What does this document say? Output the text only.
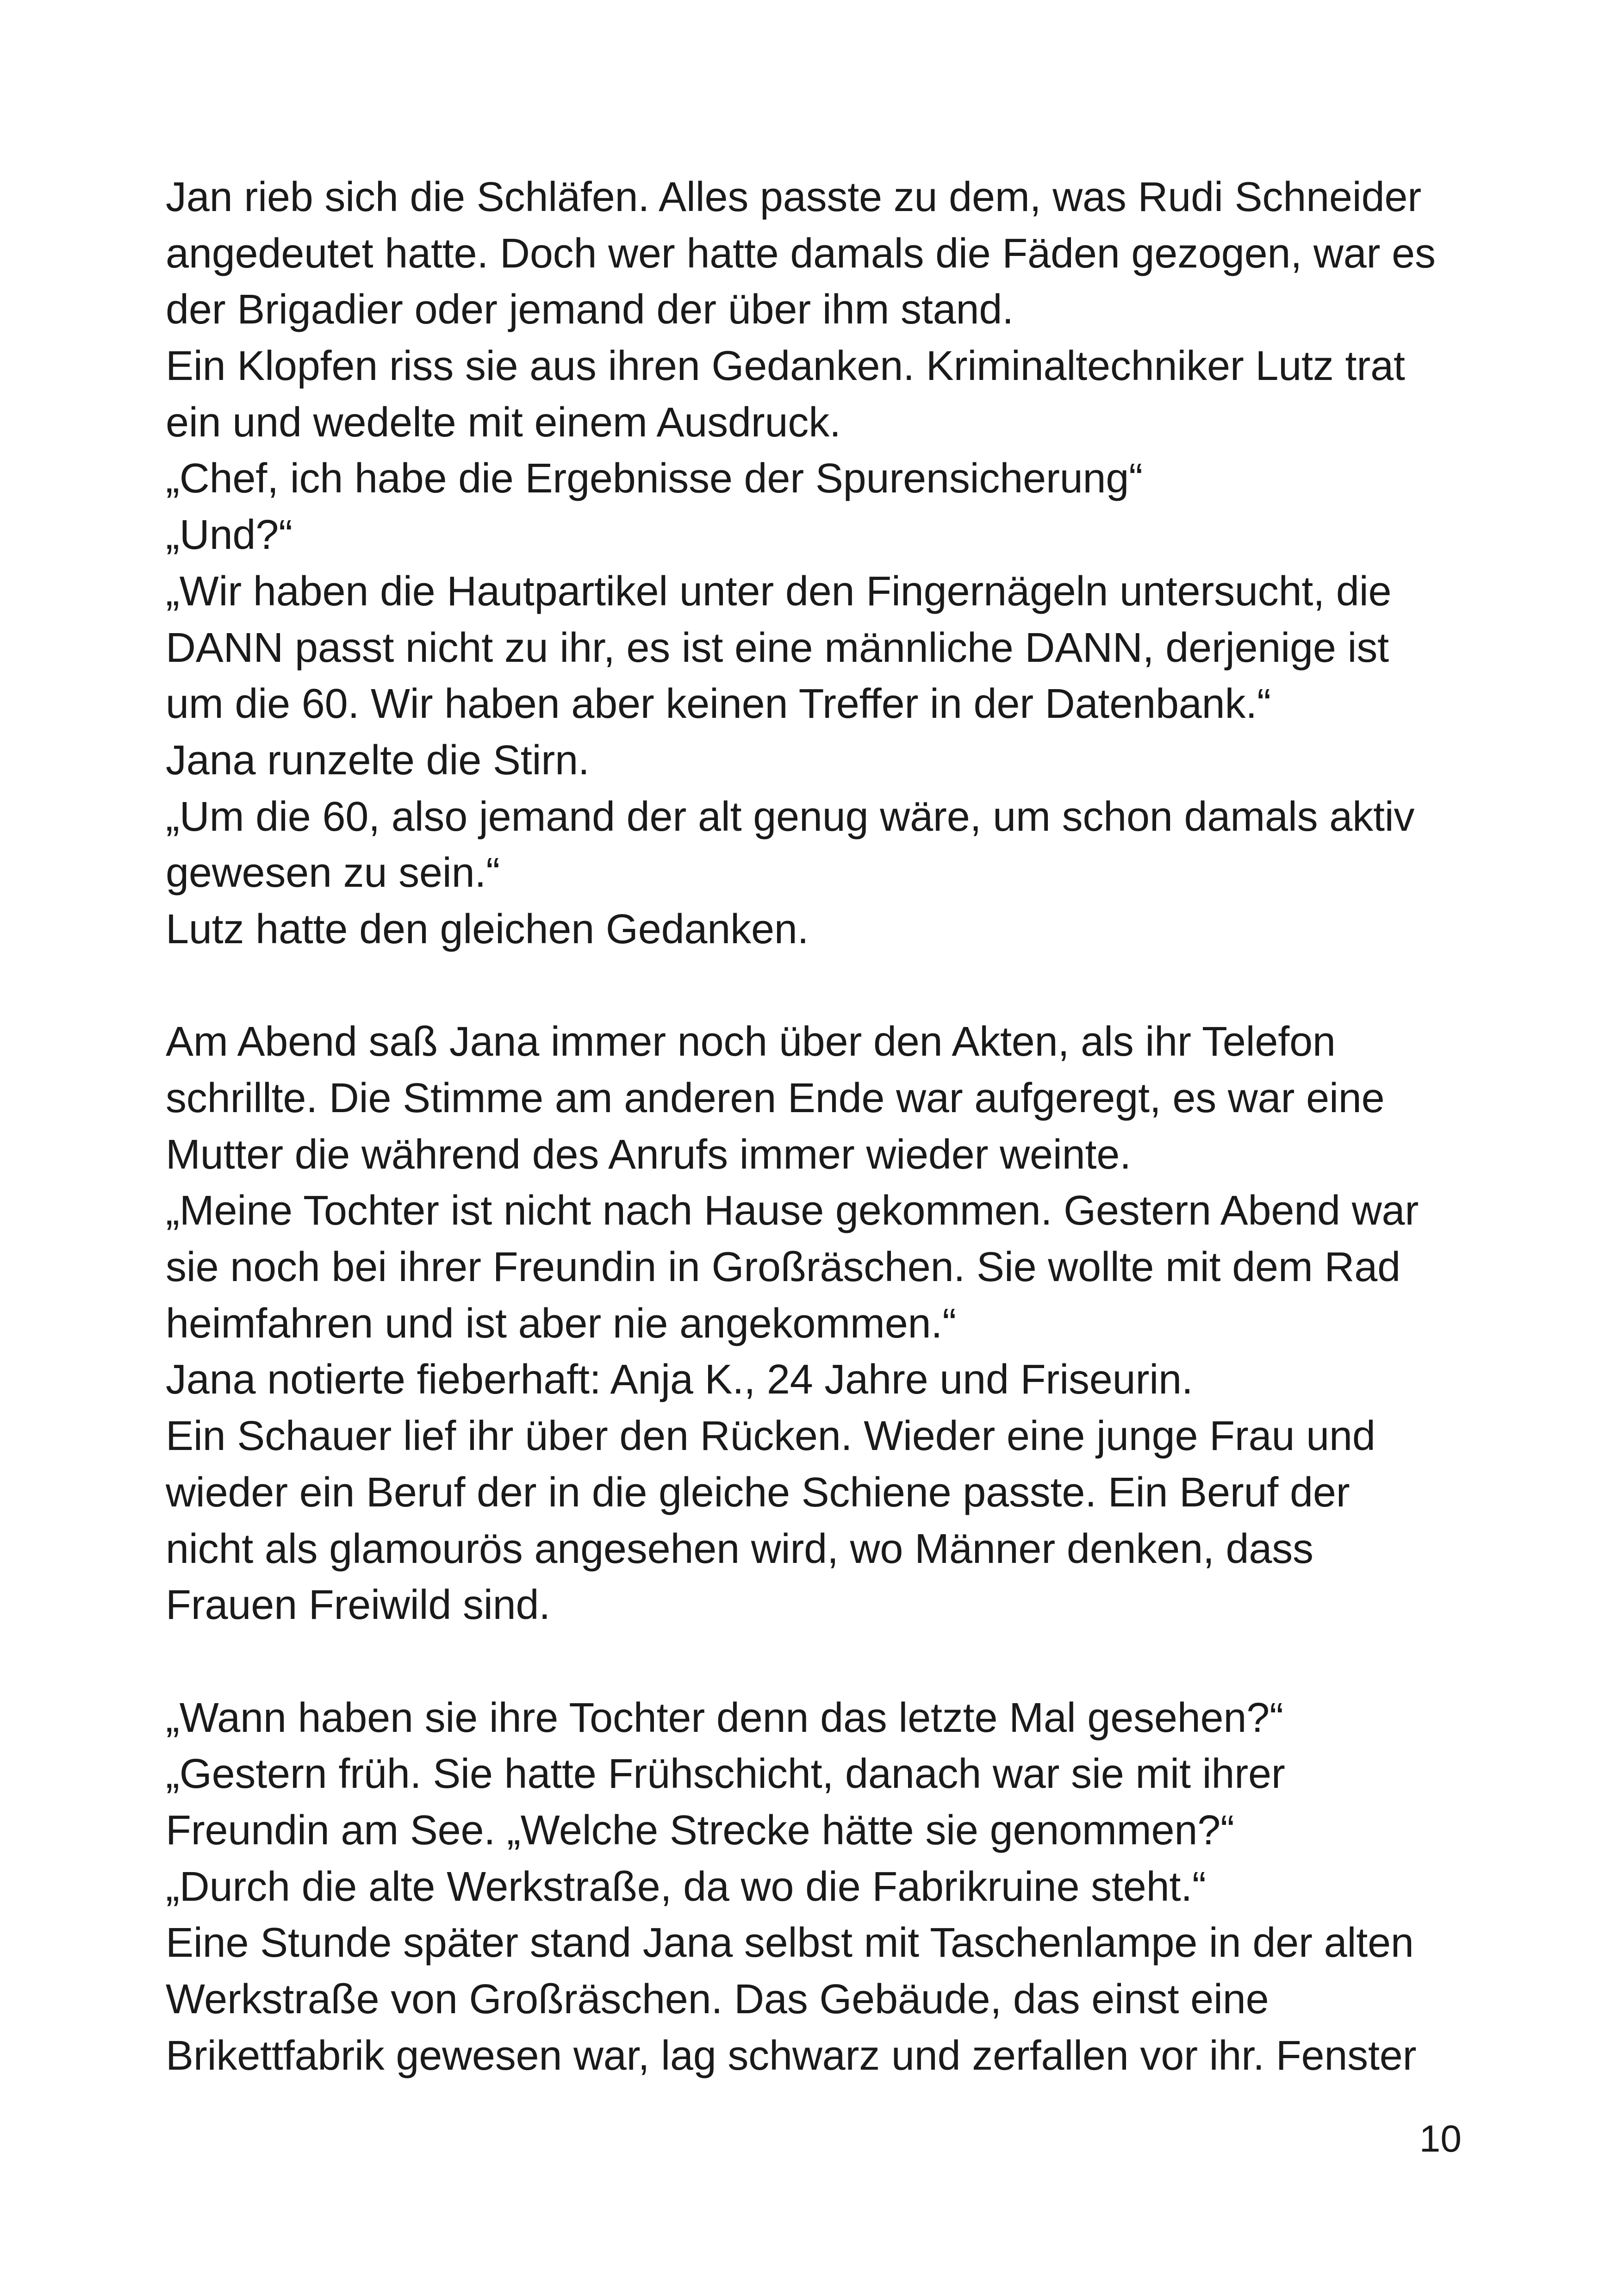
Jan rieb sich die Schläfen. Alles passte zu dem, was Rudi Schneider
angedeutet hatte. Doch wer hatte damals die Fäden gezogen, war es
der Brigadier oder jemand der über ihm stand.
Ein Klopfen riss sie aus ihren Gedanken. Kriminaltechniker Lutz trat
ein und wedelte mit einem Ausdruck.
„Chef, ich habe die Ergebnisse der Spurensicherung“
„Und?“
„Wir haben die Hautpartikel unter den Fingernägeln untersucht, die
DANN passt nicht zu ihr, es ist eine männliche DANN, derjenige ist
um die 60. Wir haben aber keinen Treffer in der Datenbank.“
Jana runzelte die Stirn.
„Um die 60, also jemand der alt genug wäre, um schon damals aktiv
gewesen zu sein.“
Lutz hatte den gleichen Gedanken.
Am Abend saß Jana immer noch über den Akten, als ihr Telefon
schrillte. Die Stimme am anderen Ende war aufgeregt, es war eine
Mutter die während des Anrufs immer wieder weinte.
„Meine Tochter ist nicht nach Hause gekommen. Gestern Abend war
sie noch bei ihrer Freundin in Großräschen. Sie wollte mit dem Rad
heimfahren und ist aber nie angekommen.“
Jana notierte fieberhaft: Anja K., 24 Jahre und Friseurin.
Ein Schauer lief ihr über den Rücken. Wieder eine junge Frau und
wieder ein Beruf der in die gleiche Schiene passte. Ein Beruf der
nicht als glamourös angesehen wird, wo Männer denken, dass
Frauen Freiwild sind.
„Wann haben sie ihre Tochter denn das letzte Mal gesehen?“
„Gestern früh. Sie hatte Frühschicht, danach war sie mit ihrer
Freundin am See. „Welche Strecke hätte sie genommen?“
„Durch die alte Werkstraße, da wo die Fabrikruine steht.“
Eine Stunde später stand Jana selbst mit Taschenlampe in der alten
Werkstraße von Großräschen. Das Gebäude, das einst eine
Brikettfabrik gewesen war, lag schwarz und zerfallen vor ihr. Fenster
10
